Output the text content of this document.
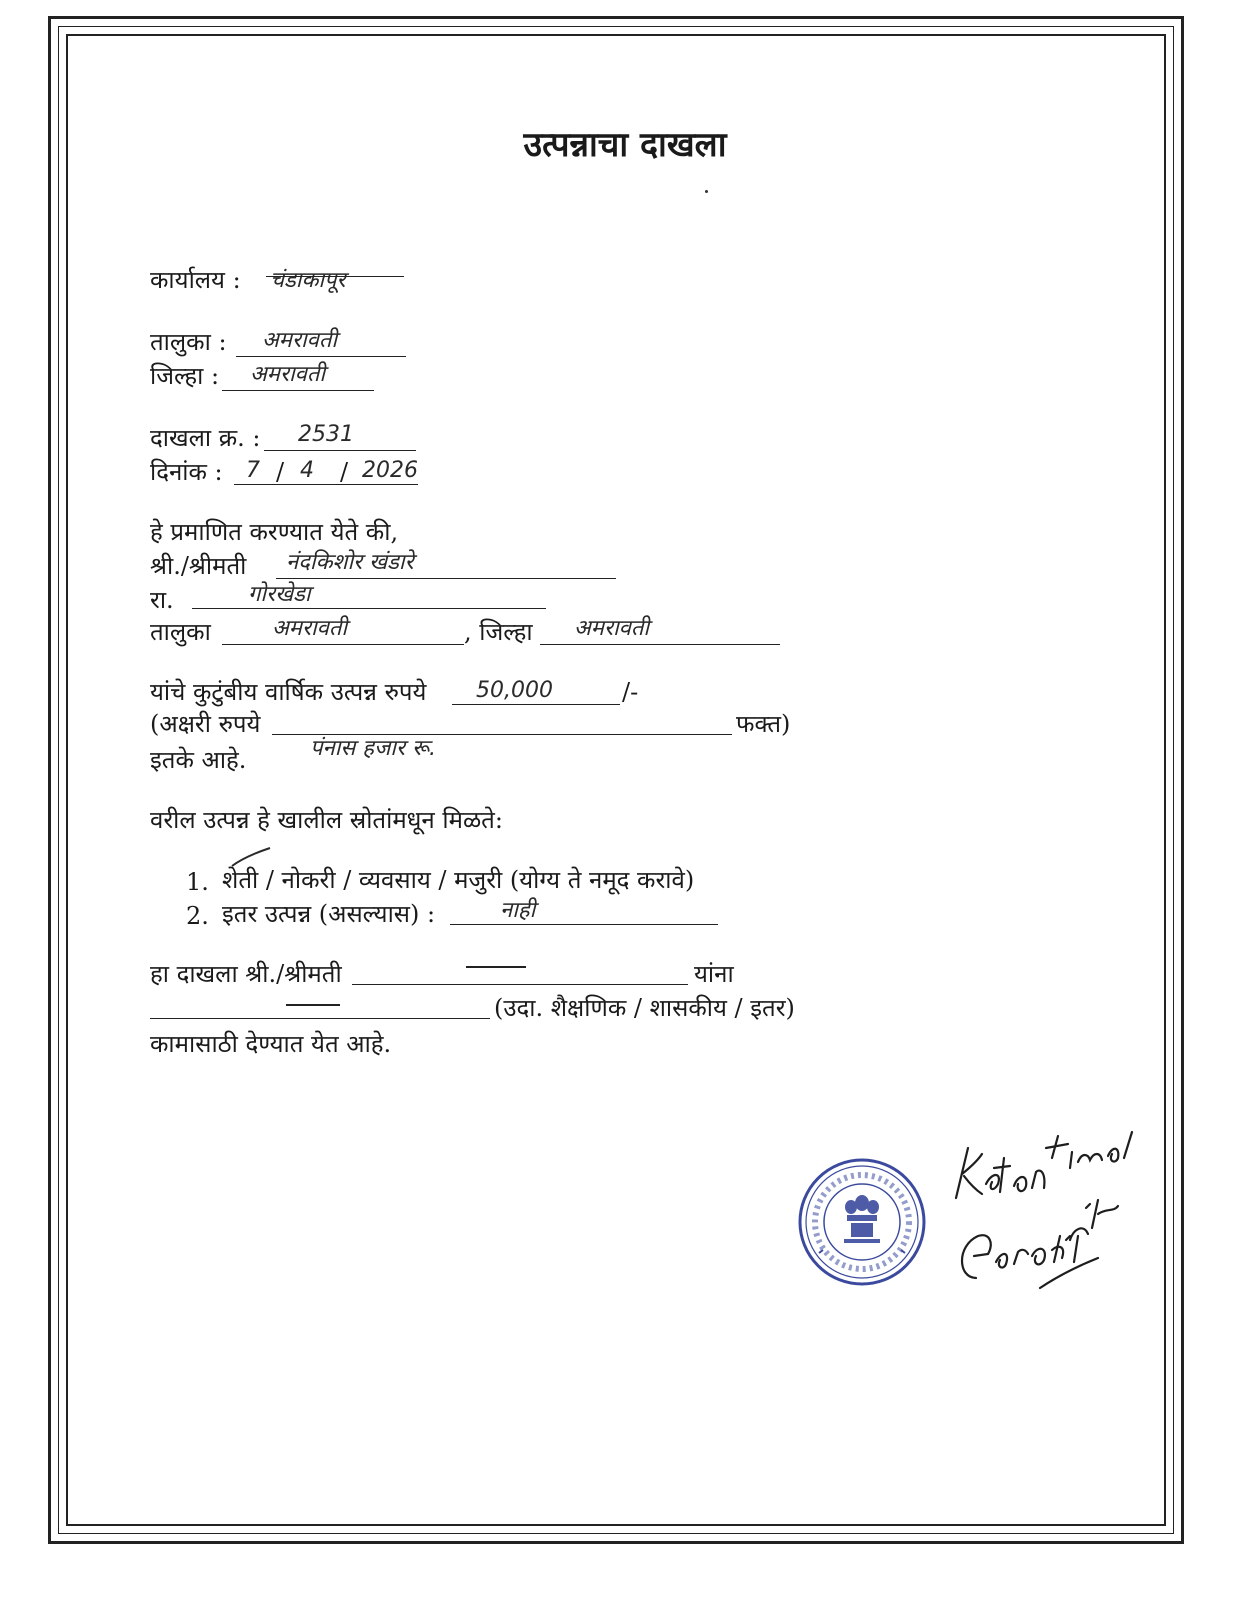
उत्पन्नाचा दाखला
कार्यालय : चंडाकापूर
तालुका : अमरावती
जिल्हा : अमरावती
दाखला क्र. : 2531
दिनांक : 7 / 4 / 2026
हे प्रमाणित करण्यात येते की,
श्री./श्रीमती नंदकिशोर खंडारे
रा.	गोरखेडा
तालुका	अमरावती	, जिल्हा अमरावती
यांचे कुटुंबीय वार्षिक उत्पन्न रुपये 50,000	/-
(अक्षरी रुपये	फक्त)
पंनास हजार रू.
इतके आहे.
वरील उत्पन्न हे खालील स्रोतांमधून मिळते:
1. शेती / नोकरी / व्यवसाय / मजुरी (योग्य ते नमूद करावे)
2. इतर उत्पन्न (असल्यास) :	नाही
हा दाखला श्री./श्रीमती	यांना
(उदा. शैक्षणिक / शासकीय / इतर)
कामासाठी देण्यात येत आहे.
